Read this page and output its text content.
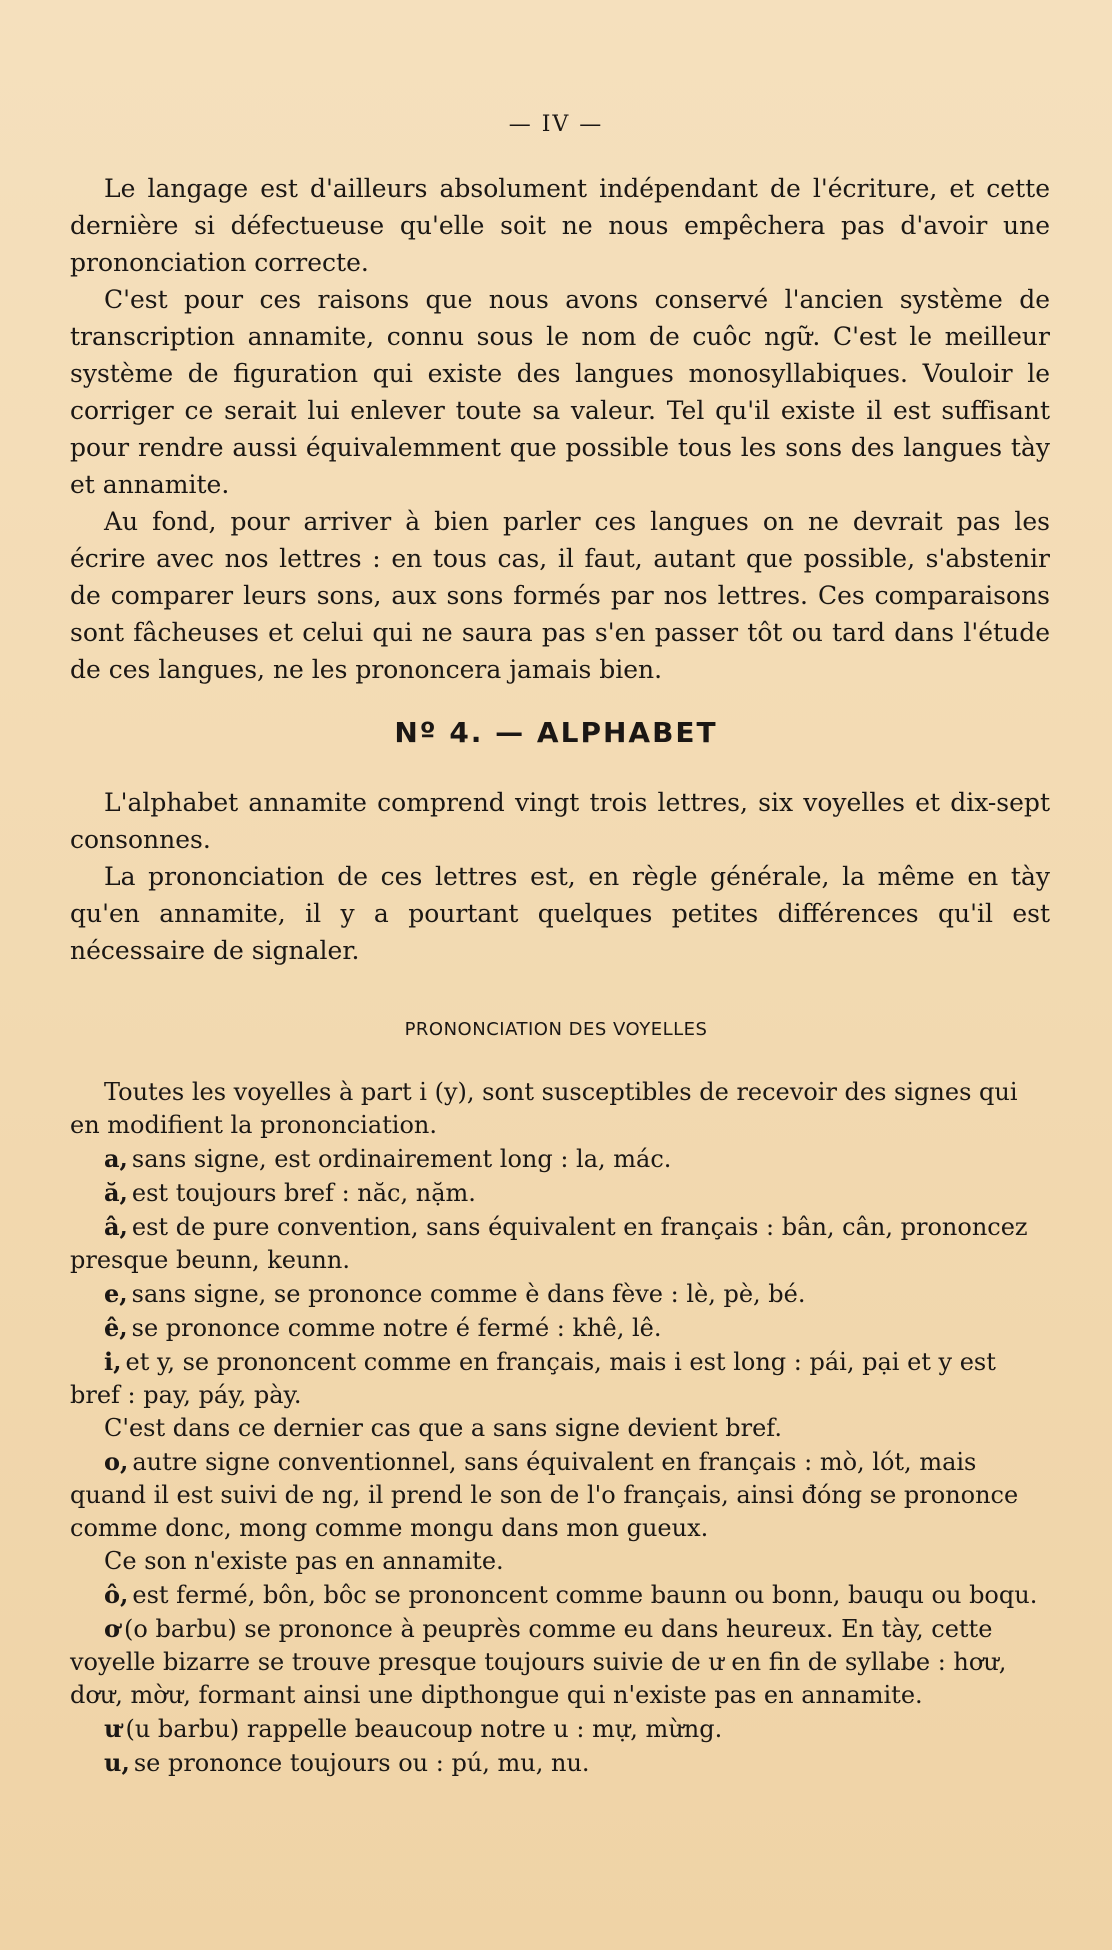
— IV —

Le langage est d'ailleurs absolument indépendant de l'écriture, et cette dernière si défectueuse qu'elle soit ne nous empêchera pas d'avoir une prononciation correcte.

C'est pour ces raisons que nous avons conservé l'ancien système de transcription annamite, connu sous le nom de cuôc ngữ. C'est le meilleur système de figuration qui existe des langues monosyllabiques. Vouloir le corriger ce serait lui enlever toute sa valeur. Tel qu'il existe il est suffisant pour rendre aussi équivalemment que possible tous les sons des langues tày et annamite.

Au fond, pour arriver à bien parler ces langues on ne devrait pas les écrire avec nos lettres : en tous cas, il faut, autant que possible, s'abstenir de comparer leurs sons, aux sons formés par nos lettres. Ces comparaisons sont fâcheuses et celui qui ne saura pas s'en passer tôt ou tard dans l'étude de ces langues, ne les prononcera jamais bien.

Nº 4. — ALPHABET

L'alphabet annamite comprend vingt trois lettres, six voyelles et dix-sept consonnes.

La prononciation de ces lettres est, en règle générale, la même en tày qu'en annamite, il y a pourtant quelques petites différences qu'il est nécessaire de signaler.

PRONONCIATION DES VOYELLES

Toutes les voyelles à part i (y), sont susceptibles de recevoir des signes qui en modifient la prononciation.

a, sans signe, est ordinairement long : la, mác.

ă, est toujours bref : năc, nặm.

â, est de pure convention, sans équivalent en français : bân, cân, prononcez presque beunn, keunn.

e, sans signe, se prononce comme è dans fève : lè, pè, bé.

ê, se prononce comme notre é fermé : khê, lê.

i, et y, se prononcent comme en français, mais i est long : pái, pại et y est bref : pay, páy, pày.

C'est dans ce dernier cas que a sans signe devient bref.

o, autre signe conventionnel, sans équivalent en français : mò, lót, mais quand il est suivi de ng, il prend le son de l'o français, ainsi đóng se prononce comme donc, mong comme mongu dans mon gueux.

Ce son n'existe pas en annamite.

ô, est fermé, bôn, bôc se prononcent comme baunn ou bonn, bauqu ou boqu.

ơ (o barbu) se prononce à peuprès comme eu dans heureux. En tày, cette voyelle bizarre se trouve presque toujours suivie de ư en fin de syllabe : hơư, dơư, mờư, formant ainsi une dipthongue qui n'existe pas en annamite.

ư (u barbu) rappelle beaucoup notre u : mự, mừng.

u, se prononce toujours ou : pú, mu, nu.
